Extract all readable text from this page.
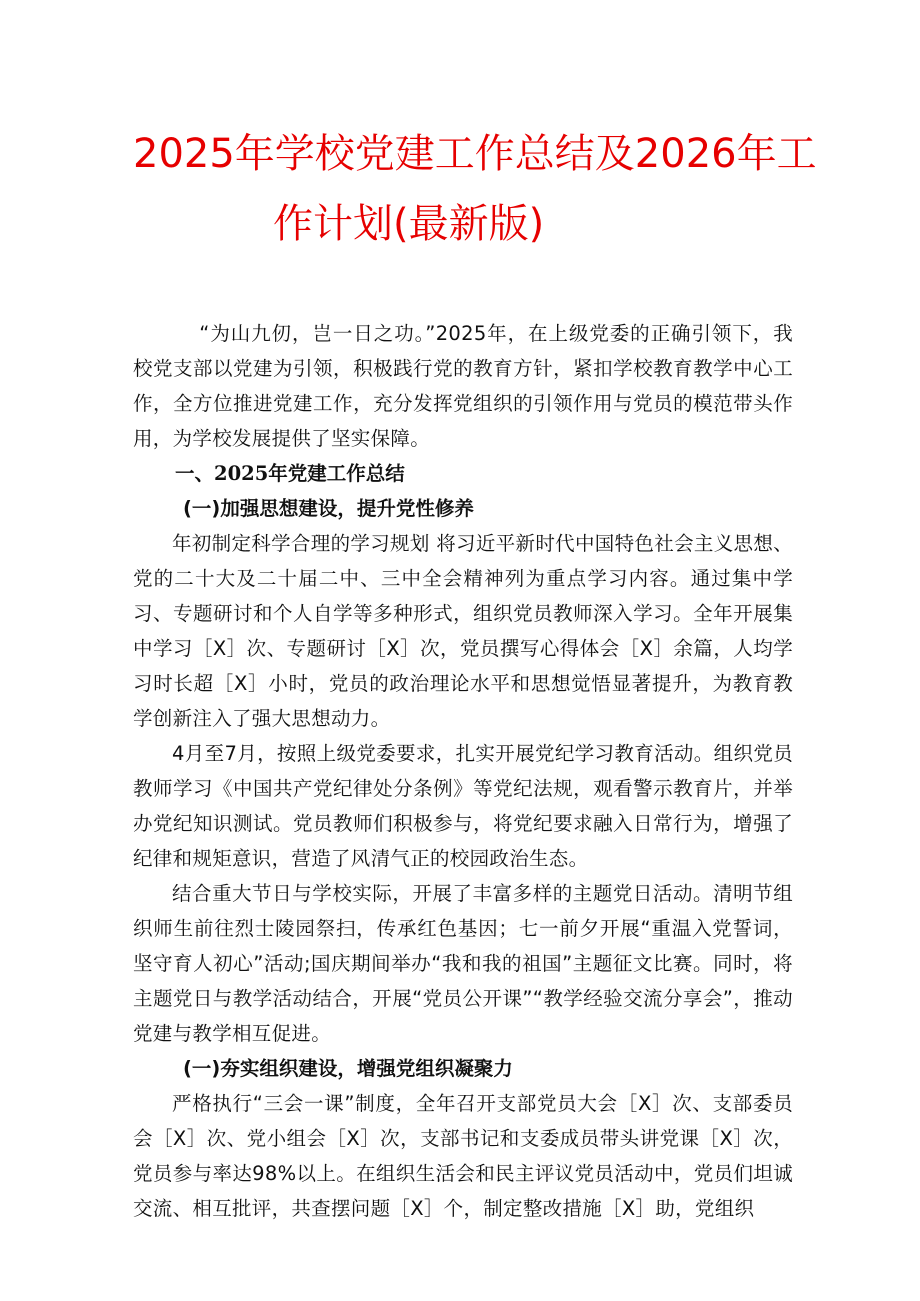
2025年学校党建工作总结及2026年工
作计划(最新版)

“为山九仞，岂一日之功。”2025年，在上级党委的正确引领下，我校党支部以党建为引领，积极践行党的教育方针，紧扣学校教育教学中心工作，全方位推进党建工作，充分发挥党组织的引领作用与党员的模范带头作用，为学校发展提供了坚实保障。

一、2025年党建工作总结
(一)加强思想建设，提升党性修养

年初制定科学合理的学习规划 将习近平新时代中国特色社会主义思想、党的二十大及二十届二中、三中全会精神列为重点学习内容。通过集中学习、专题研讨和个人自学等多种形式，组织党员教师深入学习。全年开展集中学习［X］次、专题研讨［X］次，党员撰写心得体会［X］余篇，人均学习时长超［X］小时，党员的政治理论水平和思想觉悟显著提升，为教育教学创新注入了强大思想动力。

4月至7月，按照上级党委要求，扎实开展党纪学习教育活动。组织党员教师学习《中国共产党纪律处分条例》等党纪法规，观看警示教育片，并举办党纪知识测试。党员教师们积极参与，将党纪要求融入日常行为，增强了纪律和规矩意识，营造了风清气正的校园政治生态。

结合重大节日与学校实际，开展了丰富多样的主题党日活动。清明节组织师生前往烈士陵园祭扫，传承红色基因；七一前夕开展“重温入党誓词，坚守育人初心”活动;国庆期间举办“我和我的祖国”主题征文比赛。同时，将主题党日与教学活动结合，开展“党员公开课”“教学经验交流分享会”，推动党建与教学相互促进。

(一)夯实组织建设，增强党组织凝聚力

严格执行“三会一课”制度，全年召开支部党员大会［X］次、支部委员会［X］次、党小组会［X］次，支部书记和支委成员带头讲党课［X］次，党员参与率达98%以上。在组织生活会和民主评议党员活动中，党员们坦诚交流、相互批评，共查摆问题［X］个，制定整改措施［X］助，党组织
